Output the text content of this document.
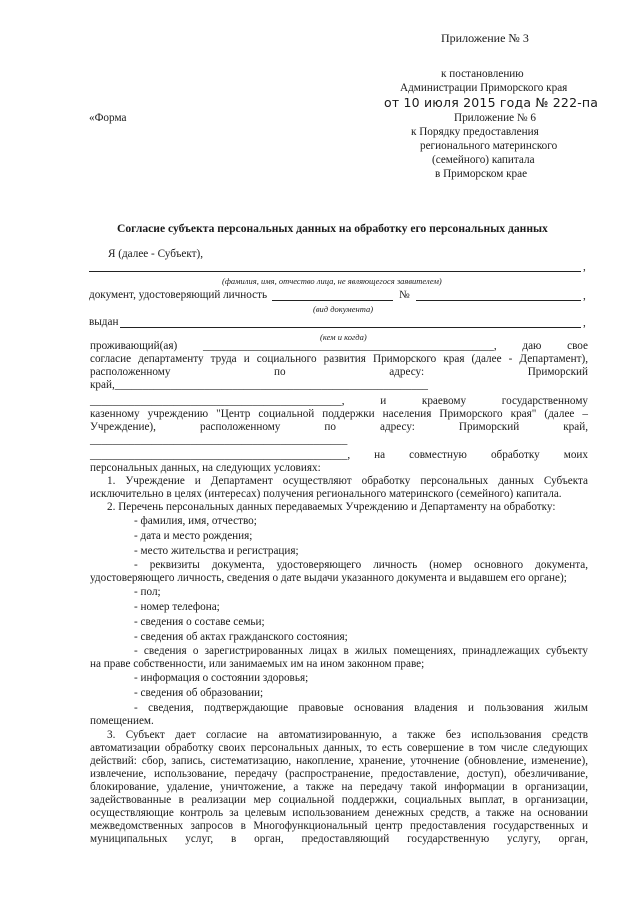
Приложение № 3
к постановлению
Администрации Приморского края
от 10 июля 2015 года № 222-па
Приложение № 6
«Форма
к Порядку предоставления
регионального материнского
(семейного) капитала
в Приморском крае
Согласие субъекта персональных данных на обработку его персональных данных
Я (далее - Субъект),
,
(фамилия, имя, отчество лица, не являющегося заявителем)
документ, удостоверяющий личность	№	,
(вид документа)
выдан	,
(кем и когда)
проживающий(ая) ____________________________________________________, даю свое
согласие департаменту труда и социального развития Приморского края (далее - Департамент),
расположенному по адресу: Приморский
край,________________________________________________________
_____________________________________________, и краевому государственному
казенному учреждению "Центр социальной поддержки населения Приморского края" (далее –
Учреждение), расположенному по адресу: Приморский край,
______________________________________________
______________________________________________, на совместную обработку моих
персональных данных, на следующих условиях:
1. Учреждение и Департамент осуществляют обработку персональных данных Субъекта
исключительно в целях (интересах) получения регионального материнского (семейного) капитала.
2. Перечень персональных данных передаваемых Учреждению и Департаменту на обработку:
- фамилия, имя, отчество;
- дата и место рождения;
- место жительства и регистрация;
- реквизиты документа, удостоверяющего личность (номер основного документа,
удостоверяющего личность, сведения о дате выдачи указанного документа и выдавшем его органе);
- пол;
- номер телефона;
- сведения о составе семьи;
- сведения об актах гражданского состояния;
- сведения о зарегистрированных лицах в жилых помещениях, принадлежащих субъекту
на праве собственности, или занимаемых им на ином законном праве;
- информация о состоянии здоровья;
- сведения об образовании;
- сведения, подтверждающие правовые основания владения и пользования жилым
помещением.
3. Субъект дает согласие на автоматизированную, а также без использования средств
автоматизации обработку своих персональных данных, то есть совершение в том числе следующих
действий: сбор, запись, систематизацию, накопление, хранение, уточнение (обновление, изменение),
извлечение, использование, передачу (распространение, предоставление, доступ), обезличивание,
блокирование, удаление, уничтожение, а также на передачу такой информации в организации,
задействованные в реализации мер социальной поддержки, социальных выплат, в организации,
осуществляющие контроль за целевым использованием денежных средств, а также на основании
межведомственных запросов в Многофункциональный центр предоставления государственных и
муниципальных услуг, в орган, предоставляющий государственную услугу, орган,
